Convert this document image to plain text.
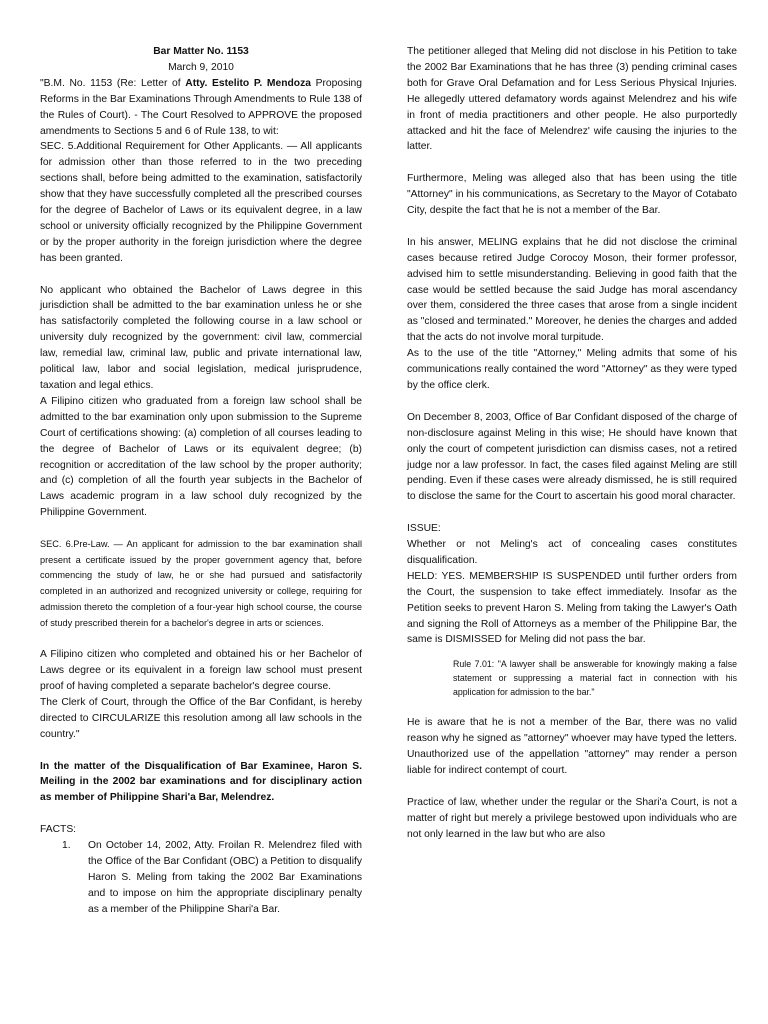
Bar Matter No. 1153

March 9, 2010

"B.M. No. 1153 (Re: Letter of Atty. Estelito P. Mendoza Proposing Reforms in the Bar Examinations Through Amendments to Rule 138 of the Rules of Court). - The Court Resolved to APPROVE the proposed amendments to Sections 5 and 6 of Rule 138, to wit:

SEC. 5.Additional Requirement for Other Applicants. — All applicants for admission other than those referred to in the two preceding sections shall, before being admitted to the examination, satisfactorily show that they have successfully completed all the prescribed courses for the degree of Bachelor of Laws or its equivalent degree, in a law school or university officially recognized by the Philippine Government or by the proper authority in the foreign jurisdiction where the degree has been granted.

No applicant who obtained the Bachelor of Laws degree in this jurisdiction shall be admitted to the bar examination unless he or she has satisfactorily completed the following course in a law school or university duly recognized by the government: civil law, commercial law, remedial law, criminal law, public and private international law, political law, labor and social legislation, medical jurisprudence, taxation and legal ethics.

A Filipino citizen who graduated from a foreign law school shall be admitted to the bar examination only upon submission to the Supreme Court of certifications showing: (a) completion of all courses leading to the degree of Bachelor of Laws or its equivalent degree; (b) recognition or accreditation of the law school by the proper authority; and (c) completion of all the fourth year subjects in the Bachelor of Laws academic program in a law school duly recognized by the Philippine Government.

SEC. 6.Pre-Law. — An applicant for admission to the bar examination shall present a certificate issued by the proper government agency that, before commencing the study of law, he or she had pursued and satisfactorily completed in an authorized and recognized university or college, requiring for admission thereto the completion of a four-year high school course, the course of study prescribed therein for a bachelor's degree in arts or sciences.

A Filipino citizen who completed and obtained his or her Bachelor of Laws degree or its equivalent in a foreign law school must present proof of having completed a separate bachelor's degree course.

The Clerk of Court, through the Office of the Bar Confidant, is hereby directed to CIRCULARIZE this resolution among all law schools in the country."

In the matter of the Disqualification of Bar Examinee, Haron S. Meiling in the 2002 bar examinations and for disciplinary action as member of Philippine Shari'a Bar, Melendrez.

FACTS:

1.	On October 14, 2002, Atty. Froilan R. Melendrez filed with the Office of the Bar Confidant (OBC) a Petition to disqualify Haron S. Meling from taking the 2002 Bar Examinations and to impose on him the appropriate disciplinary penalty as a member of the Philippine Shari'a Bar.

The petitioner alleged that Meling did not disclose in his Petition to take the 2002 Bar Examinations that he has three (3) pending criminal cases both for Grave Oral Defamation and for Less Serious Physical Injuries. He allegedly uttered defamatory words against Melendrez and his wife in front of media practitioners and other people. He also purportedly attacked and hit the face of Melendrez' wife causing the injuries to the latter.

Furthermore, Meling was alleged also that has been using the title "Attorney" in his communications, as Secretary to the Mayor of Cotabato City, despite the fact that he is not a member of the Bar.

In his answer, MELING explains that he did not disclose the criminal cases because retired Judge Corocoy Moson, their former professor, advised him to settle misunderstanding. Believing in good faith that the case would be settled because the said Judge has moral ascendancy over them, considered the three cases that arose from a single incident as "closed and terminated." Moreover, he denies the charges and added that the acts do not involve moral turpitude.

As to the use of the title "Attorney," Meling admits that some of his communications really contained the word "Attorney" as they were typed by the office clerk.

On December 8, 2003, Office of Bar Confidant disposed of the charge of non-disclosure against Meling in this wise; He should have known that only the court of competent jurisdiction can dismiss cases, not a retired judge nor a law professor. In fact, the cases filed against Meling are still pending. Even if these cases were already dismissed, he is still required to disclose the same for the Court to ascertain his good moral character.

ISSUE:

Whether or not Meling's act of concealing cases constitutes disqualification.

HELD: YES. MEMBERSHIP IS SUSPENDED until further orders from the Court, the suspension to take effect immediately. Insofar as the Petition seeks to prevent Haron S. Meling from taking the Lawyer's Oath and signing the Roll of Attorneys as a member of the Philippine Bar, the same is DISMISSED for Meling did not pass the bar.

Rule 7.01: "A lawyer shall be answerable for knowingly making a false statement or suppressing a material fact in connection with his application for admission to the bar."

He is aware that he is not a member of the Bar, there was no valid reason why he signed as "attorney" whoever may have typed the letters. Unauthorized use of the appellation "attorney" may render a person liable for indirect contempt of court.

Practice of law, whether under the regular or the Shari'a Court, is not a matter of right but merely a privilege bestowed upon individuals who are not only learned in the law but who are also
